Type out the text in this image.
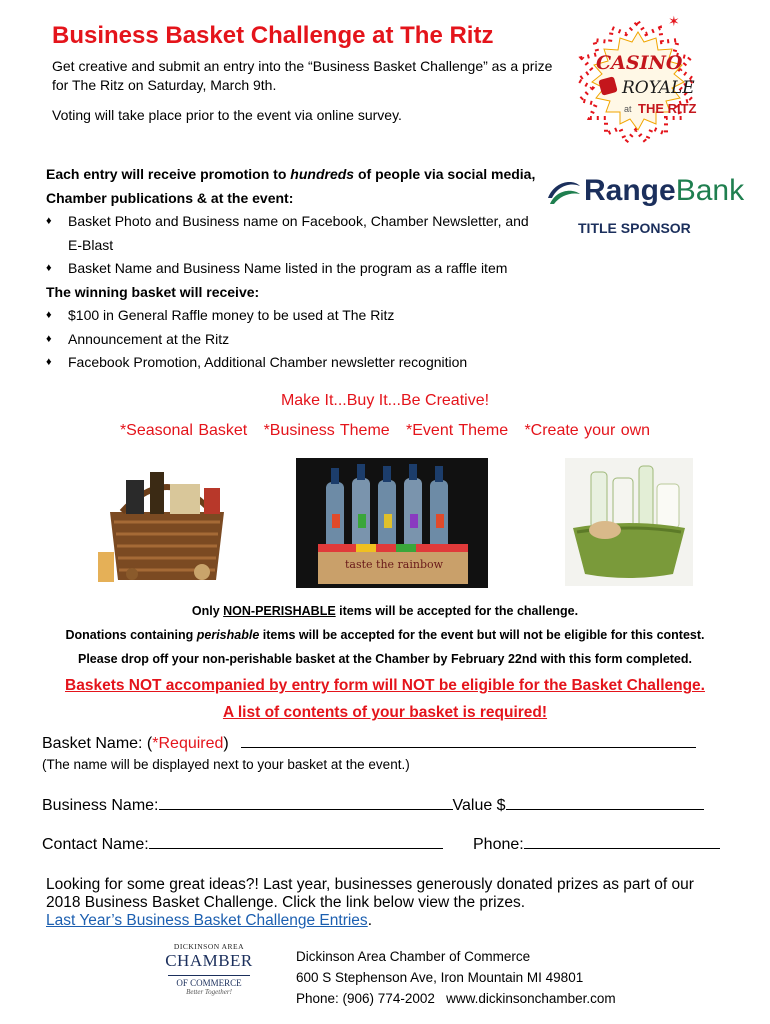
Business Basket Challenge at The Ritz
Get creative and submit an entry into the “Business Basket Challenge” as a prize for The Ritz on Saturday, March 9th.
Voting will take place prior to the event via online survey.
✶
CASINO
ROYALE
at THE RITZ
RangeBank
TITLE SPONSOR
Each entry will receive promotion to hundreds of people via social media, Chamber publications & at the event:
♦ Basket Photo and Business name on Facebook, Chamber Newsletter, and E-Blast
♦ Basket Name and Business Name listed in the program as a raffle item
The winning basket will receive:
♦ $100 in General Raffle money to be used at The Ritz
♦ Announcement at the Ritz
♦ Facebook Promotion, Additional Chamber newsletter recognition
Make It...Buy It...Be Creative!
*Seasonal Basket   *Business Theme   *Event Theme   *Create your own
taste the rainbow
Only NON-PERISHABLE items will be accepted for the challenge.
Donations containing perishable items will be accepted for the event but will not be eligible for this contest.
Please drop off your non-perishable basket at the Chamber by February 22nd with this form completed.
Baskets NOT accompanied by entry form will NOT be eligible for the Basket Challenge.
A list of contents of your basket is required!
Basket Name: (*Required)
(The name will be displayed next to your basket at the event.)
Business Name:	Value $
Contact Name:	Phone:
Looking for some great ideas?! Last year, businesses generously donated prizes as part of our 2018 Business Basket Challenge. Click the link below view the prizes.
Last Year’s Business Basket Challenge Entries.
DICKINSON AREA
CHAMBER
OF COMMERCE
Better Together!
Dickinson Area Chamber of Commerce
600 S Stephenson Ave, Iron Mountain MI 49801
Phone: (906) 774-2002   www.dickinsonchamber.com
